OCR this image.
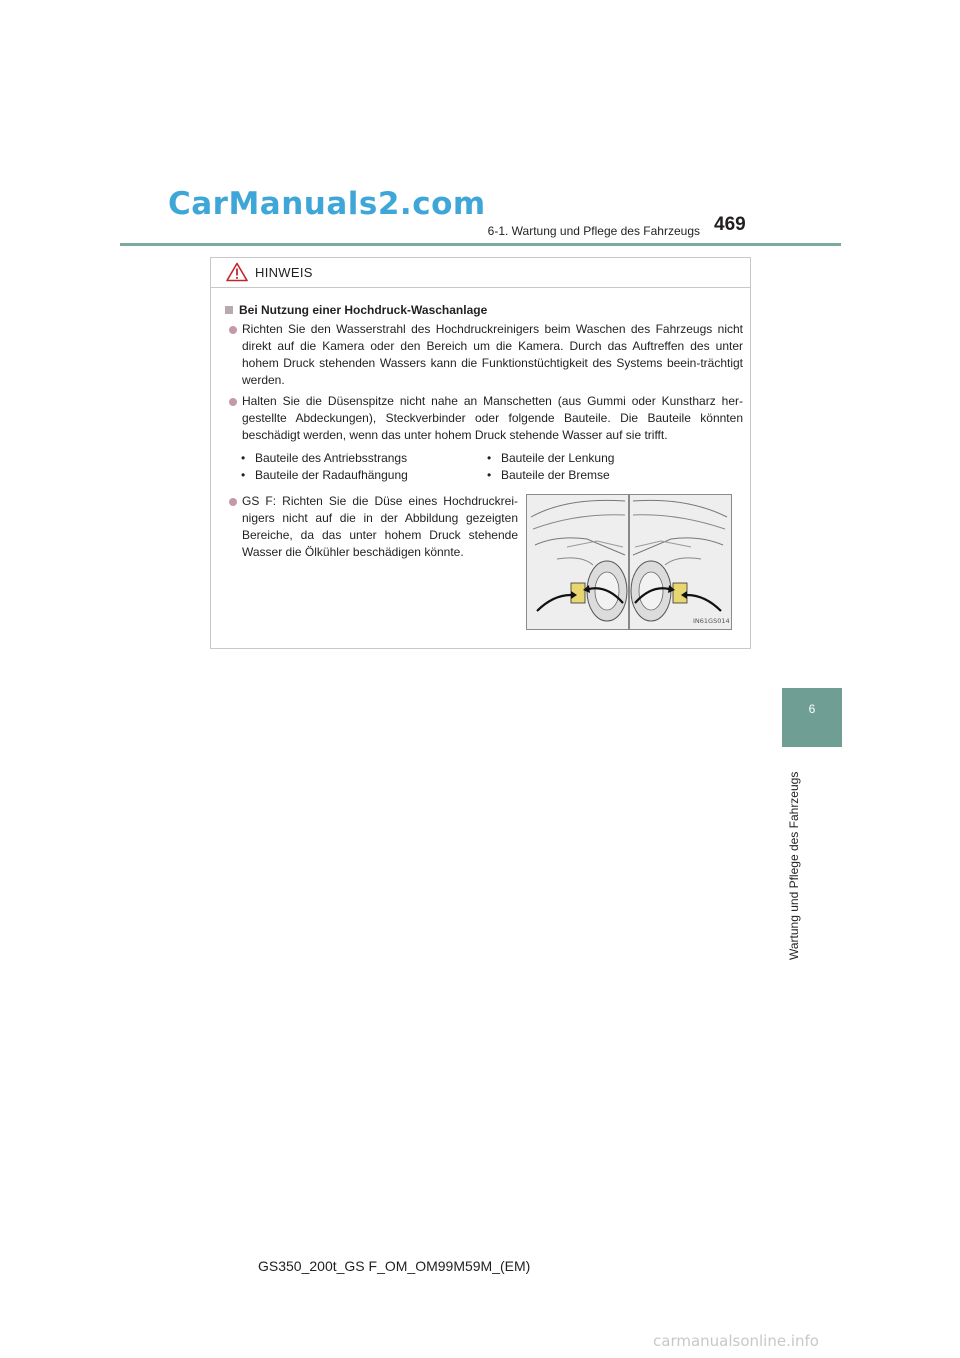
CarManuals2.com
6-1. Wartung und Pflege des Fahrzeugs 469
6
Wartung und Pflege des Fahrzeugs
HINWEIS
Bei Nutzung einer Hochdruck-Waschanlage
Richten Sie den Wasserstrahl des Hochdruckreinigers beim Waschen des Fahrzeugs nicht direkt auf die Kamera oder den Bereich um die Kamera. Durch das Auftreffen des unter hohem Druck stehenden Wassers kann die Funktionstüchtigkeit des Systems beein-trächtigt werden.
Halten Sie die Düsenspitze nicht nahe an Manschetten (aus Gummi oder Kunstharz her-gestellte Abdeckungen), Steckverbinder oder folgende Bauteile. Die Bauteile könnten beschädigt werden, wenn das unter hohem Druck stehende Wasser auf sie trifft.
• Bauteile des Antriebsstrangs	• Bauteile der Lenkung
• Bauteile der Radaufhängung	• Bauteile der Bremse
GS F: Richten Sie die Düse eines Hochdruckrei-nigers nicht auf die in der Abbildung gezeigten Bereiche, da das unter hohem Druck stehende Wasser die Ölkühler beschädigen könnte.
IN61GS014
GS350_200t_GS F_OM_OM99M59M_(EM)
carmanualsonline.info
